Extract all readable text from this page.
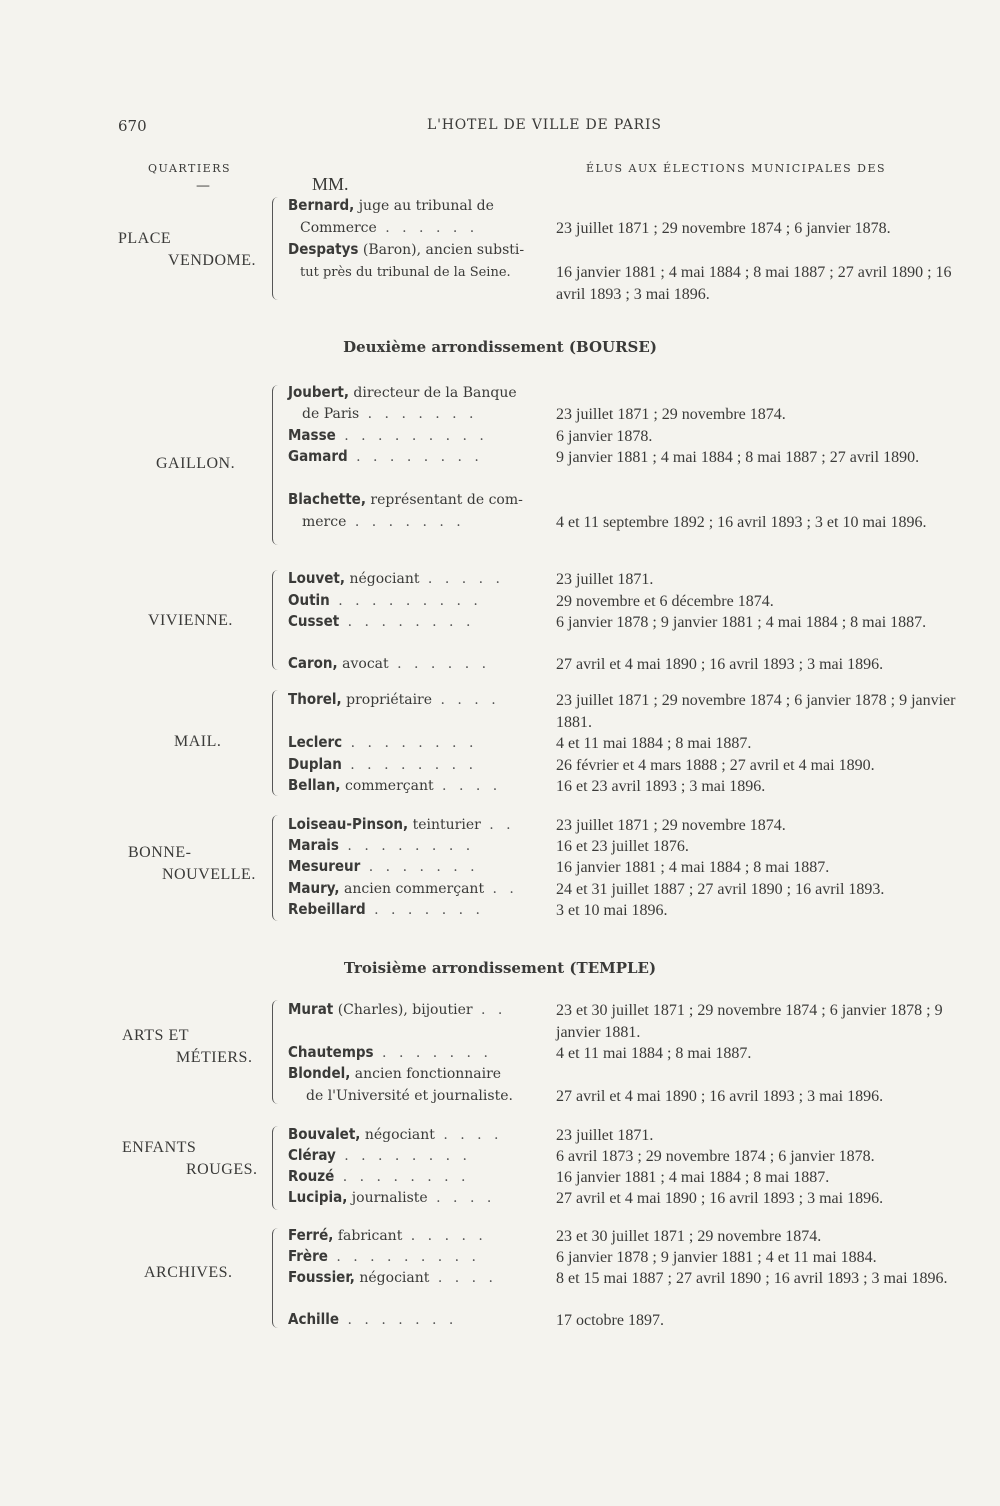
670	L'HOTEL DE VILLE DE PARIS
QUARTIERS	ÉLUS AUX ÉLECTIONS MUNICIPALES DES
—	MM.
PLACE
VENDOME.
Bernard, juge au tribunal de
Commerce . . . . . .	23 juillet 1871 ; 29 novembre 1874 ; 6 janvier 1878.
Despatys (Baron), ancien substi-
tut près du tribunal de la Seine.	16 janvier 1881 ; 4 mai 1884 ; 8 mai 1887 ; 27 avril 1890 ; 16 avril 1893 ; 3 mai 1896.
Deuxième arrondissement (BOURSE)
GAILLON.
Joubert, directeur de la Banque
de Paris . . . . . . .	23 juillet 1871 ; 29 novembre 1874.
Masse . . . . . . . . .	6 janvier 1878.
Gamard . . . . . . . .	9 janvier 1881 ; 4 mai 1884 ; 8 mai 1887 ; 27 avril 1890.
Blachette, représentant de com-
merce . . . . . . .	4 et 11 septembre 1892 ; 16 avril 1893 ; 3 et 10 mai 1896.
VIVIENNE.
Louvet, négociant . . . . .	23 juillet 1871.
Outin . . . . . . . . .	29 novembre et 6 décembre 1874.
Cusset . . . . . . . .	6 janvier 1878 ; 9 janvier 1881 ; 4 mai 1884 ; 8 mai 1887.
Caron, avocat . . . . . .	27 avril et 4 mai 1890 ; 16 avril 1893 ; 3 mai 1896.
MAIL.
Thorel, propriétaire . . . .	23 juillet 1871 ; 29 novembre 1874 ; 6 janvier 1878 ; 9 janvier 1881.
Leclerc . . . . . . . .	4 et 11 mai 1884 ; 8 mai 1887.
Duplan . . . . . . . .	26 février et 4 mars 1888 ; 27 avril et 4 mai 1890.
Bellan, commerçant . . . .	16 et 23 avril 1893 ; 3 mai 1896.
BONNE-
NOUVELLE.
Loiseau-Pinson, teinturier . .	23 juillet 1871 ; 29 novembre 1874.
Marais . . . . . . . .	16 et 23 juillet 1876.
Mesureur . . . . . . .	16 janvier 1881 ; 4 mai 1884 ; 8 mai 1887.
Maury, ancien commerçant . . 24 et 31 juillet 1887 ; 27 avril 1890 ; 16 avril 1893.
Rebeillard . . . . . . .	3 et 10 mai 1896.
Troisième arrondissement (TEMPLE)
ARTS ET
MÉTIERS.
Murat (Charles), bijoutier . .	23 et 30 juillet 1871 ; 29 novembre 1874 ; 6 janvier 1878 ; 9 janvier 1881.
Chautemps . . . . . . .	4 et 11 mai 1884 ; 8 mai 1887.
Blondel, ancien fonctionnaire
de l'Université et journaliste.	27 avril et 4 mai 1890 ; 16 avril 1893 ; 3 mai 1896.
ENFANTS
ROUGES.
Bouvalet, négociant . . . .	23 juillet 1871.
Cléray . . . . . . . .	6 avril 1873 ; 29 novembre 1874 ; 6 janvier 1878.
Rouzé . . . . . . . .	16 janvier 1881 ; 4 mai 1884 ; 8 mai 1887.
Lucipia, journaliste . . . .	27 avril et 4 mai 1890 ; 16 avril 1893 ; 3 mai 1896.
ARCHIVES.
Ferré, fabricant . . . . .	23 et 30 juillet 1871 ; 29 novembre 1874.
Frère . . . . . . . . .	6 janvier 1878 ; 9 janvier 1881 ; 4 et 11 mai 1884.
Foussier, négociant . . . .	8 et 15 mai 1887 ; 27 avril 1890 ; 16 avril 1893 ; 3 mai 1896.
Achille . . . . . . .	17 octobre 1897.
